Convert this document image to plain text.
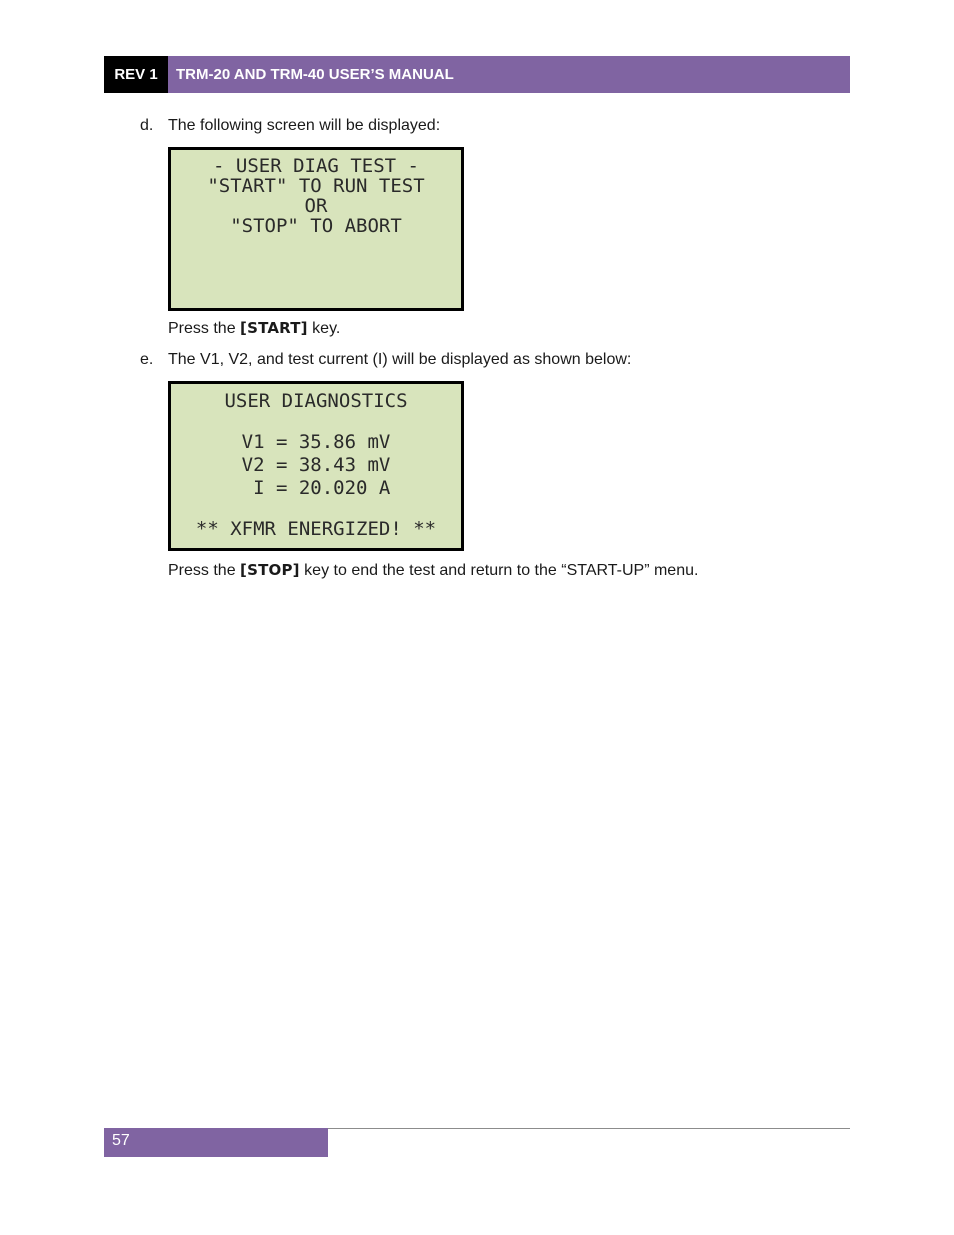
REV 1	TRM-20 AND TRM-40 USER’S MANUAL
d. The following screen will be displayed:
- USER DIAG TEST -
"START" TO RUN TEST
OR
"STOP" TO ABORT
Press the [START] key.
e. The V1, V2, and test current (I) will be displayed as shown below:
USER DIAGNOSTICS
V1 = 35.86 mV
V2 = 38.43 mV
I = 20.020 A
** XFMR ENERGIZED! **
Press the [STOP] key to end the test and return to the “START-UP” menu.
57
